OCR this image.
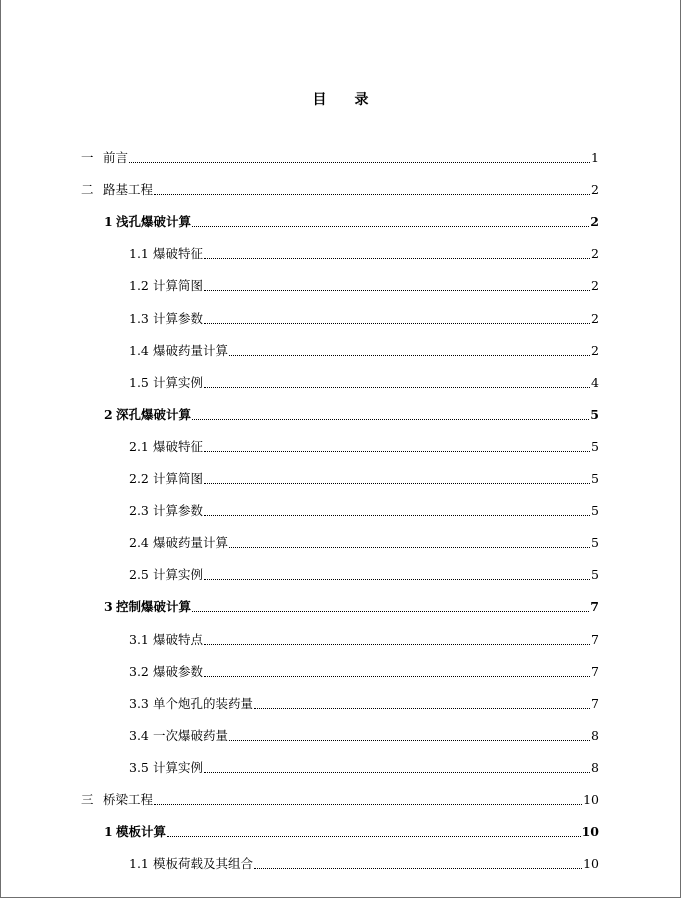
目 录
一 前言	1
二 路基工程	2
1 浅孔爆破计算	2
1.1 爆破特征	2
1.2 计算简图	2
1.3 计算参数	2
1.4 爆破药量计算	2
1.5 计算实例	4
2 深孔爆破计算	5
2.1 爆破特征	5
2.2 计算简图	5
2.3 计算参数	5
2.4 爆破药量计算	5
2.5 计算实例	5
3 控制爆破计算	7
3.1 爆破特点	7
3.2 爆破参数	7
3.3 单个炮孔的装药量	7
3.4 一次爆破药量	8
3.5 计算实例	8
三 桥梁工程	10
1 模板计算	10
1.1 模板荷载及其组合	10
